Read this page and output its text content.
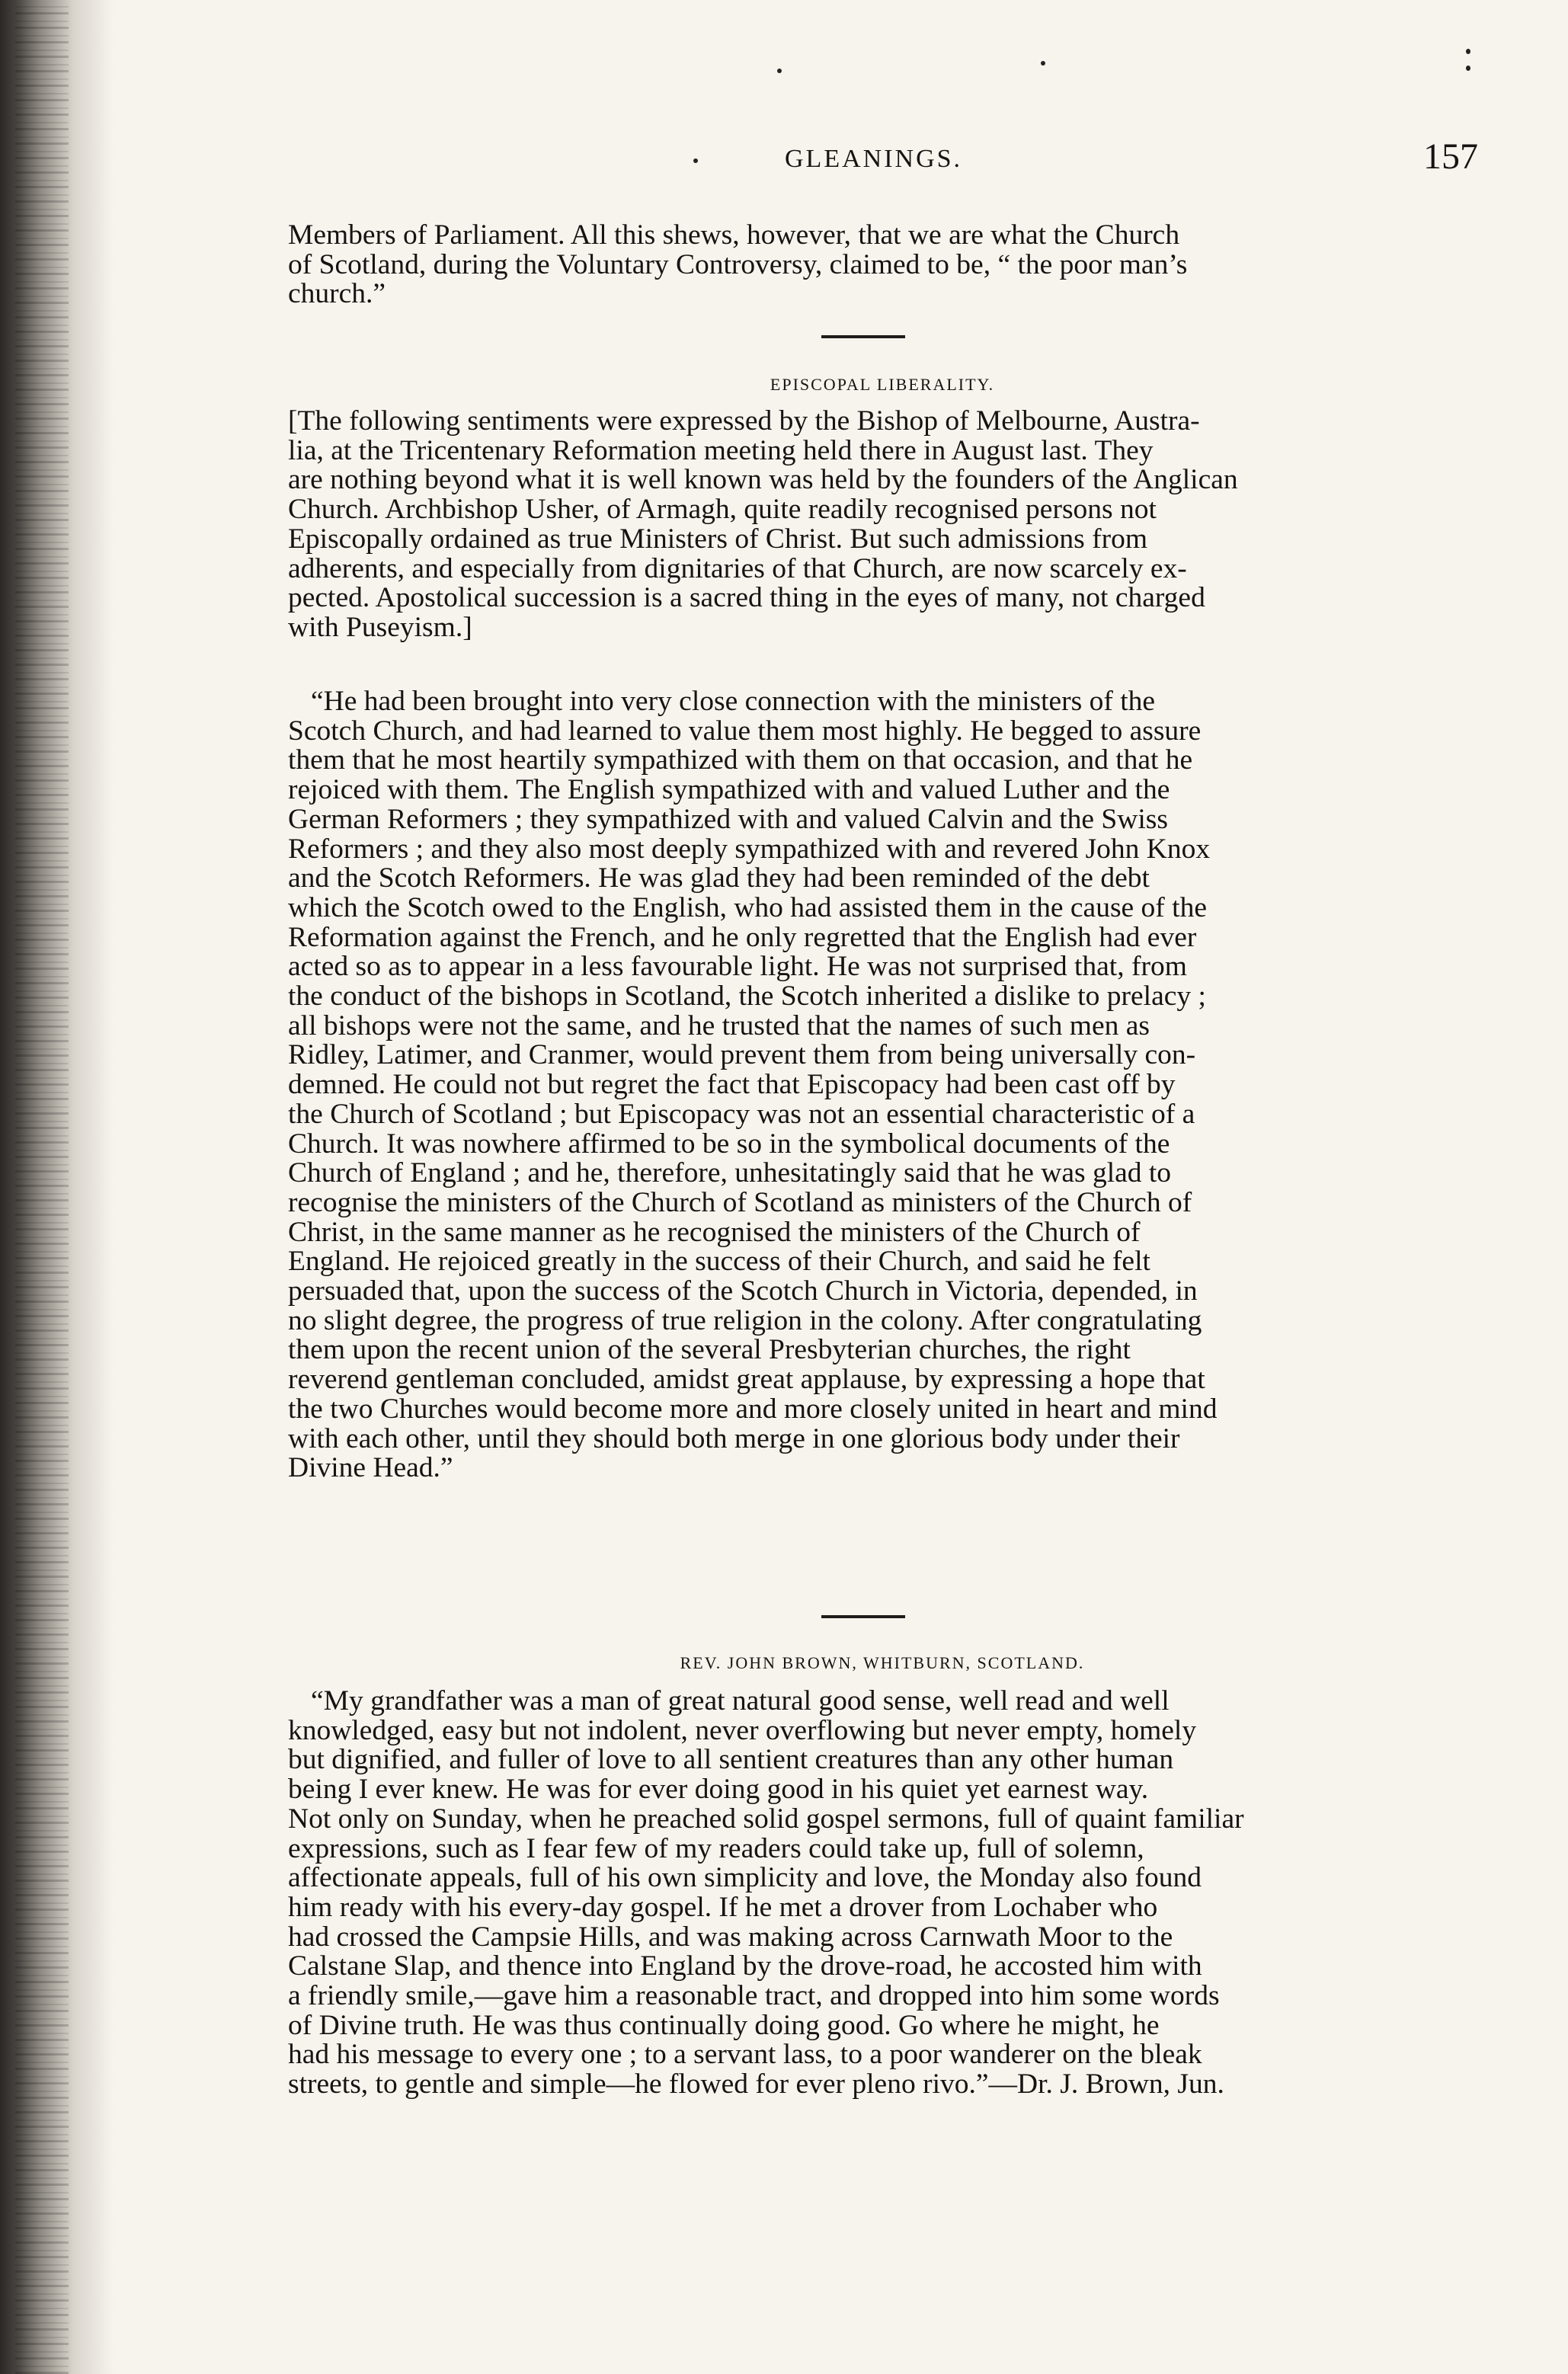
GLEANINGS.	157
Members of Parliament. All this shews, however, that we are what the Church
of Scotland, during the Voluntary Controversy, claimed to be, “ the poor man’s
church.”
EPISCOPAL LIBERALITY.
[The following sentiments were expressed by the Bishop of Melbourne, Austra-
lia, at the Tricentenary Reformation meeting held there in August last. They
are nothing beyond what it is well known was held by the founders of the Anglican
Church. Archbishop Usher, of Armagh, quite readily recognised persons not
Episcopally ordained as true Ministers of Christ. But such admissions from
adherents, and especially from dignitaries of that Church, are now scarcely ex-
pected. Apostolical succession is a sacred thing in the eyes of many, not charged
with Puseyism.]
“He had been brought into very close connection with the ministers of the
Scotch Church, and had learned to value them most highly. He begged to assure
them that he most heartily sympathized with them on that occasion, and that he
rejoiced with them. The English sympathized with and valued Luther and the
German Reformers ; they sympathized with and valued Calvin and the Swiss
Reformers ; and they also most deeply sympathized with and revered John Knox
and the Scotch Reformers. He was glad they had been reminded of the debt
which the Scotch owed to the English, who had assisted them in the cause of the
Reformation against the French, and he only regretted that the English had ever
acted so as to appear in a less favourable light. He was not surprised that, from
the conduct of the bishops in Scotland, the Scotch inherited a dislike to prelacy ;
all bishops were not the same, and he trusted that the names of such men as
Ridley, Latimer, and Cranmer, would prevent them from being universally con-
demned. He could not but regret the fact that Episcopacy had been cast off by
the Church of Scotland ; but Episcopacy was not an essential characteristic of a
Church. It was nowhere affirmed to be so in the symbolical documents of the
Church of England ; and he, therefore, unhesitatingly said that he was glad to
recognise the ministers of the Church of Scotland as ministers of the Church of
Christ, in the same manner as he recognised the ministers of the Church of
England. He rejoiced greatly in the success of their Church, and said he felt
persuaded that, upon the success of the Scotch Church in Victoria, depended, in
no slight degree, the progress of true religion in the colony. After congratulating
them upon the recent union of the several Presbyterian churches, the right
reverend gentleman concluded, amidst great applause, by expressing a hope that
the two Churches would become more and more closely united in heart and mind
with each other, until they should both merge in one glorious body under their
Divine Head.”
REV. JOHN BROWN, WHITBURN, SCOTLAND.
“My grandfather was a man of great natural good sense, well read and well
knowledged, easy but not indolent, never overflowing but never empty, homely
but dignified, and fuller of love to all sentient creatures than any other human
being I ever knew. He was for ever doing good in his quiet yet earnest way.
Not only on Sunday, when he preached solid gospel sermons, full of quaint familiar
expressions, such as I fear few of my readers could take up, full of solemn,
affectionate appeals, full of his own simplicity and love, the Monday also found
him ready with his every-day gospel. If he met a drover from Lochaber who
had crossed the Campsie Hills, and was making across Carnwath Moor to the
Calstane Slap, and thence into England by the drove-road, he accosted him with
a friendly smile,—gave him a reasonable tract, and dropped into him some words
of Divine truth. He was thus continually doing good. Go where he might, he
had his message to every one ; to a servant lass, to a poor wanderer on the bleak
streets, to gentle and simple—he flowed for ever pleno rivo.”—Dr. J. Brown, Jun.
